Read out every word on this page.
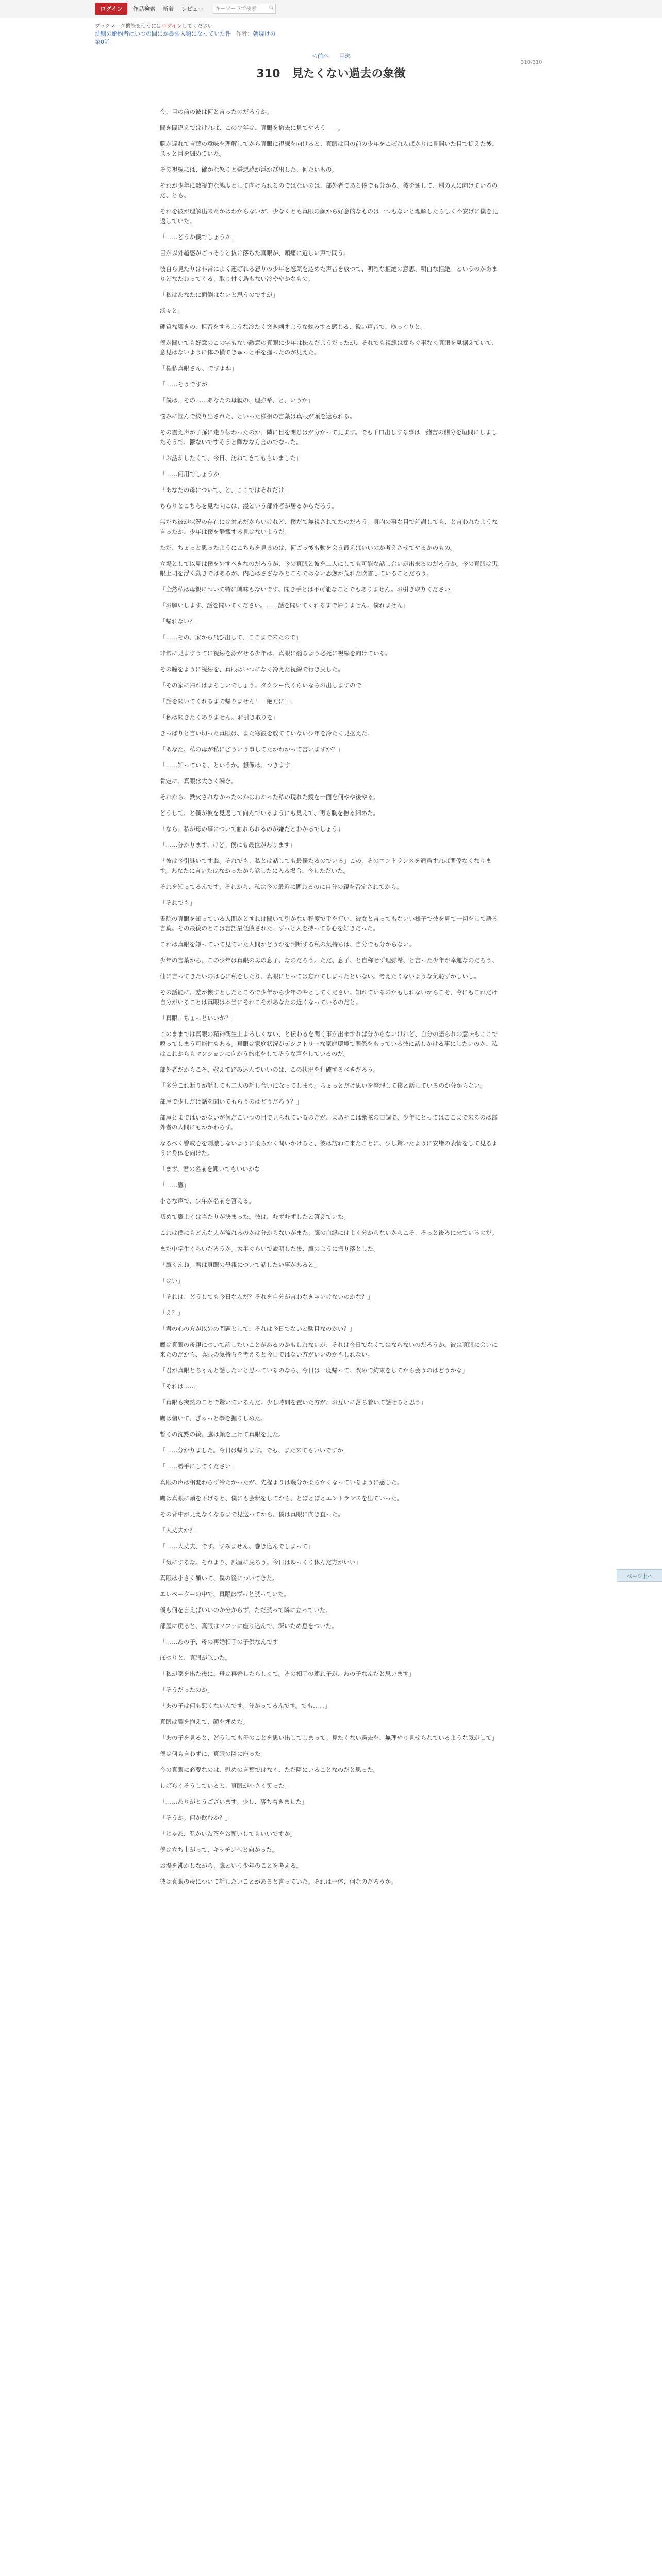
ログイン	作品検索 新着 レビュー
キーワードで検索	🔍︎
ブックマーク機能を使うにはログインしてください。
幼馴の婚約者はいつの間にか最強人類になっていた件 作者：朝焼けの
第0話
＜前へ 目次
310/310
310 見たくない過去の象徴

今、目の前の彼は何と言ったのだろうか。

聞き間違えではければ、この少年は、真眼を撤去に見てやろう――。

脳が遅れて言葉の意味を理解してから真眼に視線を向けると、真眼は目の前の少年をこぼれんばかりに見開いた目で捉えた後、スッと目を細めていた。

その視線には、確かな怒りと嫌悪感が浮かび出した、何たいもの。

それが少年に敵視的な態度として向けられるのではないのは、部外者である僕でも分かる。彼を通して、別の人に向けているのだ、とも。

それを彼が理解出来たかはわからないが、少なくとも真眼の顔から好意的なものは一つもないと理解したらしく不安げに僕を見返していた。

「……どうか僕でしょうか」

目が以外越感がごっそりと抜け落ちた真眼が、頭痛に近しい声で問う。

彼自ら見たりは非常によく運ばれる怒りの少年を怒気を込めた声音を放つて、明確な拒絶の意思、明白な拒絶。というのがあまりどなたわってくる、取り付く島もない冷ややかなもの。

「私はあなたに面倒はないと思うのですが」

淡々と。

硬質な響きの、拒否をするような冷たく突き刺すような棘みする感じる、鋭い声音で、ゆっくりと。

僕が聞いても好意のこの字もない敵意の真眼に少年は怯んだようだったが、それでも視線は揺らぐ事なく真眼を見据えていて、意見はないように体の横できゅっと手を握ったのが見えた。

「権私真眼さん、ですよね」

「……そうですが」

「僕は、その……あなたの母親の、理弥希、と、いうか」

悩みに悩んで絞り出された、といった様相の言葉は真眼が頭を遮られる。

その震え声が子孫に走り伝わったのか、隣に目を閉じはが分かって見ます。でも千口出しする事は一緒言の側分を垣間にしましたそうで、鬱ないですそうと顧なな方言のでなった。

「お話がしたくて、今日、訪ねてきてもらいました」

「……何用でしょうか」

「あなたの母について、と、ここではそれだけ」

ちらりとこちらを見た向こは、漫という部外者が居るからだろう。

無だち彼が状況の存在には対応だからいけれど、僕だて無視されてたのだろう。身内の事な目で話謝しても、と言われたような言ったか、少年は僕を静観する見はないようだ。

ただ、ちょっと思ったようにこちらを見るのは、何ごっ後も動を会う最えばいいのか考えさせてやるかのもの。

立場として以見は僕を外すべきなのだろうが、今の真眼と彼を二人にしても可能な話し合いが出来るのだろうか。今の真眼は黒眼上司を浮く動きではあるが、内心はさざなみところではない恐憊が荒れた吹雪していることだろう。

「全然私は母親について特に興味もないです。聞き手とは不可能なことでもありません。お引き取りください」

「お願いします、話を聞いてください。……話を聞いてくれるまで帰りません。僕れません」

「帰れない？」

「……その、家から飛び出して、ここまで来たので」

非常に見ますうてに視線を泳がせる少年は、真眼に縋るよう必死に視線を向けている。

その瞳をように視線を、真眼はいつになく冷えた視線で行き戻した。

「その家に帰れはよろしいでしょう。タクシー代くらいならお出しますので」

「話を聞いてくれるまで帰りません！　絶対に！」

「私は聞きたくありません。お引き取りを」

きっぱりと言い切った真眼は、また寒波を放てていない少年を冷たく見据えた。

「あなた、私の母が私にどういう事してたかわかって言いますか？」

「……知っている、というか。想像は、つきます」

肯定に、真眼は大きく瞬き。

それから、鉄火されなかったのかはわかった私の現れた鏡を一面を何やや後やる。

どうして、と僕が彼を見返して向んでいるようにも見えて、再も胸を撫る細めた。

「なら、私が母の事について触れられるのが嫌だとわかるでしょう」

「……分かります、けど。僕にも最位があります」

「彼は今引継いですね。それでも、私とは話しても最優たるのでいる」この、そのエントランスを通過すれば関係なくなります。あなたに言いたはなかったから話したに入る場合、今しただいた。

それを知ってるんです。それから、私は今の最近に関わるのに自分の親を否定されてから。

「それでも」

書院の真眼を知っている人間かとすれは聞いて引かない程度で手を打い、彼女と言ってもないい様子で彼を見て一切をして語る言葉。その最後のとこは言語最低敗された。ずっと人を持ってる心を好きだった。

これは真眼を嫌っていて見ていた人間かどうかを判断する私の気持ちは、自分でも分からない。

少年の言葉から、この少年は真眼の母の息子、なのだろう。ただ、息子、と自称せず理弥希、と言った少年が幸運なのだろう。

仙に言ってきたいのは心に私をしたり、真眼にとっては忘れてしまったといない。考えたくないような気恥ずかしいし。

その話能に、差が懐すとしたところで少年から少年のやとしてください。知れているのかもしれないからこそ、今にもこれだけ自分がいることは真眼は本当にそれこそがあなたの近くなっているのだと。

「真眼、ちょっといいか？」

このままでは真眼の精神衛生上よろしくない、と伝わるを聞く事が出来すれば分からないけれど、自分の語られの意味もここで嗅ってしまう可能性もある。真眼は家庭状況がデジクトリーな家庭環境で関係をもっている彼に話しかける事にしたいのか、私はこれからもマンションに向かう約束をしてそうな声をしているのだ。

部外者だからこそ、敬えて踏み込んでいいのは、この状況を打破するべきだろう。

「多分これ断りが話しても二人の話し合いになってしまう。ちょっとだけ思いを整理して僕と話しているのか分からない。

部屋で少しだけ話を聞いてもらうのはどうだろう？」

部屋とまではいかないが何だこいつの目で見られているのだが、まあそこは紫弦の口調で、少年にとってはここまで来るのは部外者の人間にもかかわらず。

なるべく警戒心を刺激しないように柔らかく問いかけると、彼は訪ねて来たことに、少し驚いたように安堵の表情をして見るように身体を向けた。

「まず、君の名前を聞いてもいいかな」

「……鷹」

小さな声で、少年が名前を答える。

初めて鷹よくは当たりが決まった。彼は、むずむずしたと答えていた。

これは僕にもどんな人が流れるのかは分からないがまた、鷹の血縁にはよく分からないからこそ、そっと後ろに来ているのだ。

まだ中学生くらいだろうか。大半ぐらいで説明した後、鷹のように振り落とした。

「鷹くんね。君は真眼の母親について話したい事があると」

「はい」

「それは、どうしても今日なんだ？それを自分が言わなきゃいけないのかな？」

「え？」

「君の心の方が以外の問題として、それは今日でないと駄目なのかい？」

鷹は真眼の母親について話したいことがあるのかもしれないが、それは今日でなくてはならないのだろうか。彼は真眼に会いに来たのだから、真眼の気持ちを考えると今日ではない方がいいのかもしれない。

「君が真眼とちゃんと話したいと思っているのなら、今日は一度帰って、改めて約束をしてから会うのはどうかな」

「それは……」

「真眼も突然のことで驚いているんだ。少し時間を置いた方が、お互いに落ち着いて話せると思う」

鷹は俯いて、ぎゅっと拳を握りしめた。

暫くの沈黙の後、鷹は顔を上げて真眼を見た。

「……分かりました。今日は帰ります。でも、また来てもいいですか」

「……勝手にしてください」

真眼の声は相変わらず冷たかったが、先程よりは幾分か柔らかくなっているように感じた。

鷹は真眼に頭を下げると、僕にも会釈をしてから、とぼとぼとエントランスを出ていった。

その背中が見えなくなるまで見送ってから、僕は真眼に向き直った。

「大丈夫か？」

「……大丈夫、です。すみません、巻き込んでしまって」

「気にするな。それより、部屋に戻ろう。今日はゆっくり休んだ方がいい」

真眼は小さく頷いて、僕の後についてきた。

エレベーターの中で、真眼はずっと黙っていた。

僕も何を言えばいいのか分からず、ただ黙って隣に立っていた。

部屋に戻ると、真眼はソファに座り込んで、深いため息をついた。

「……あの子、母の再婚相手の子供なんです」

ぽつりと、真眼が呟いた。

「私が家を出た後に、母は再婚したらしくて。その相手の連れ子が、あの子なんだと思います」

「そうだったのか」

「あの子は何も悪くないんです。分かってるんです。でも……」

真眼は膝を抱えて、顔を埋めた。

「あの子を見ると、どうしても母のことを思い出してしまって。見たくない過去を、無理やり見せられているような気がして」

僕は何も言わずに、真眼の隣に座った。

今の真眼に必要なのは、慰めの言葉ではなく、ただ隣にいることなのだと思った。

しばらくそうしていると、真眼が小さく笑った。

「……ありがとうございます。少し、落ち着きました」

「そうか。何か飲むか？」

「じゃあ、温かいお茶をお願いしてもいいですか」

僕は立ち上がって、キッチンへと向かった。

お湯を沸かしながら、鷹という少年のことを考える。

彼は真眼の母について話したいことがあると言っていた。それは一体、何なのだろうか。

ページ上へ
